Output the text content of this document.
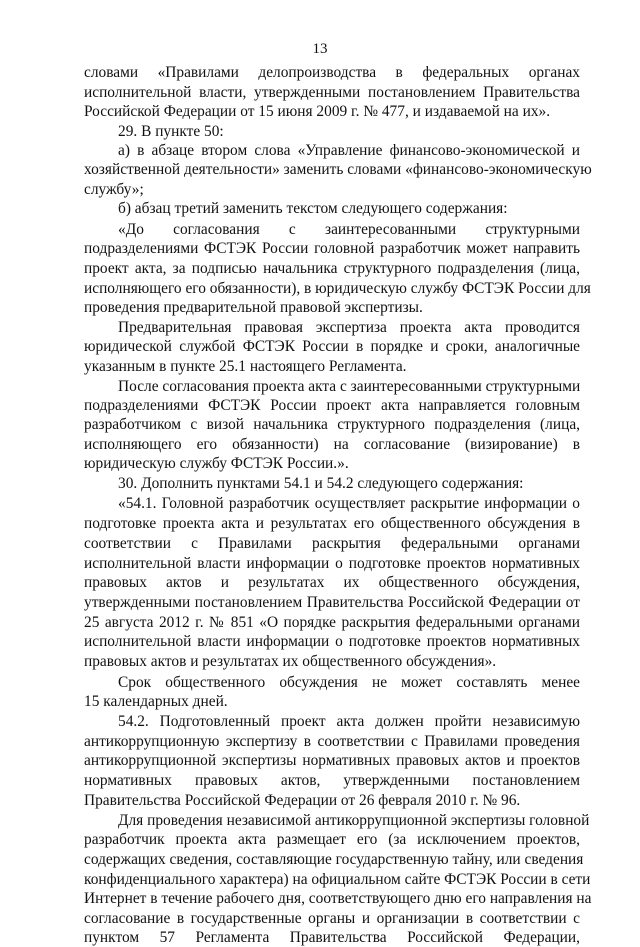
13
словами «Правилами делопроизводства в федеральных органах
исполнительной власти, утвержденными постановлением Правительства
Российской Федерации от 15 июня 2009 г. № 477, и издаваемой на их».
29. В пункте 50:
а) в абзаце втором слова «Управление финансово-экономической и
хозяйственной деятельности» заменить словами «финансово-экономическую
службу»;
б) абзац третий заменить текстом следующего содержания:
«До согласования с заинтересованными структурными
подразделениями ФСТЭК России головной разработчик может направить
проект акта, за подписью начальника структурного подразделения (лица,
исполняющего его обязанности), в юридическую службу ФСТЭК России для
проведения предварительной правовой экспертизы.
Предварительная правовая экспертиза проекта акта проводится
юридической службой ФСТЭК России в порядке и сроки, аналогичные
указанным в пункте 25.1 настоящего Регламента.
После согласования проекта акта с заинтересованными структурными
подразделениями ФСТЭК России проект акта направляется головным
разработчиком с визой начальника структурного подразделения (лица,
исполняющего его обязанности) на согласование (визирование) в
юридическую службу ФСТЭК России.».
30. Дополнить пунктами 54.1 и 54.2 следующего содержания:
«54.1. Головной разработчик осуществляет раскрытие информации о
подготовке проекта акта и результатах его общественного обсуждения в
соответствии с Правилами раскрытия федеральными органами
исполнительной власти информации о подготовке проектов нормативных
правовых актов и результатах их общественного обсуждения,
утвержденными постановлением Правительства Российской Федерации от
25 августа 2012 г. № 851 «О порядке раскрытия федеральными органами
исполнительной власти информации о подготовке проектов нормативных
правовых актов и результатах их общественного обсуждения».
Срок общественного обсуждения не может составлять менее
15 календарных дней.
54.2. Подготовленный проект акта должен пройти независимую
антикоррупционную экспертизу в соответствии с Правилами проведения
антикоррупционной экспертизы нормативных правовых актов и проектов
нормативных правовых актов, утвержденными постановлением
Правительства Российской Федерации от 26 февраля 2010 г. № 96.
Для проведения независимой антикоррупционной экспертизы головной
разработчик проекта акта размещает его (за исключением проектов,
содержащих сведения, составляющие государственную тайну, или сведения
конфиденциального характера) на официальном сайте ФСТЭК России в сети
Интернет в течение рабочего дня, соответствующего дню его направления на
согласование в государственные органы и организации в соответствии с
пунктом 57 Регламента Правительства Российской Федерации,
